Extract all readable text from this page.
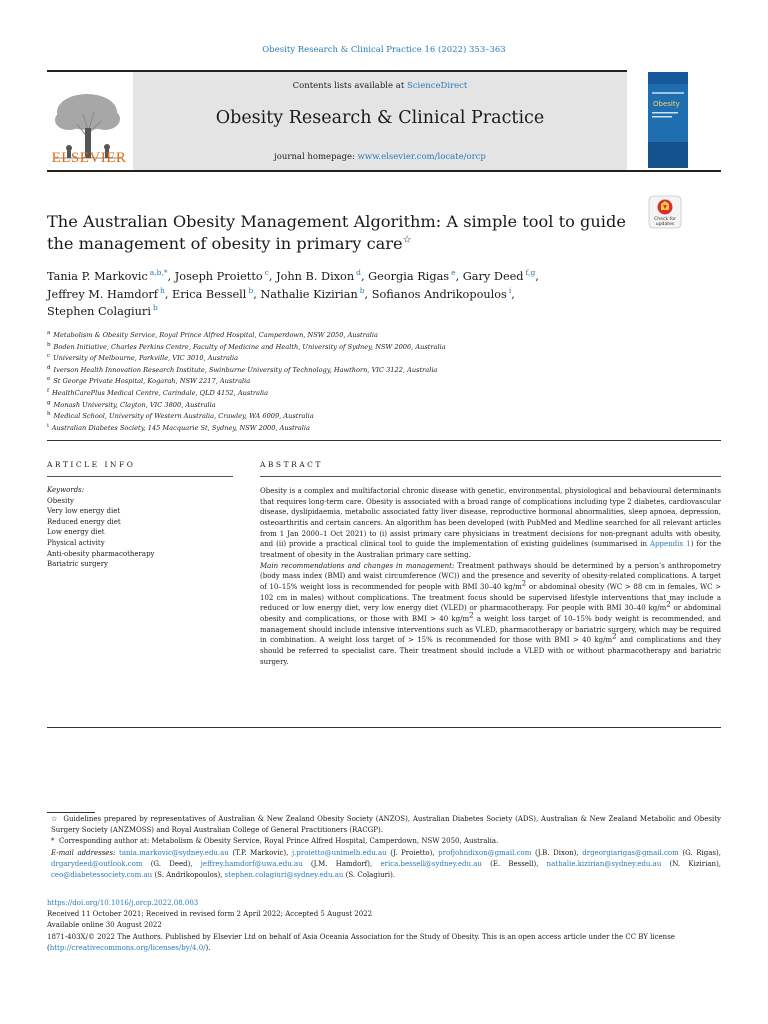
Obesity Research & Clinical Practice 16 (2022) 353–363
ELSEVIER
Contents lists available at ScienceDirect
Obesity Research & Clinical Practice
journal homepage: www.elsevier.com/locate/orcp
Obesity
The Australian Obesity Management Algorithm: A simple tool to guide the management of obesity in primary care☆
Check for
updates
Tania P. Markovic $^{a,b,*}$, Joseph Proietto $^c$, John B. Dixon $^d$, Georgia Rigas $^e$, Gary Deed $^{f,g}$,
Jeffrey M. Hamdorf $^h$, Erica Bessell $^b$, Nathalie Kizirian $^b$, Sofianos Andrikopoulos $^i$,
Stephen Colagiuri $^b$
$^a$ Metabolism & Obesity Service, Royal Prince Alfred Hospital, Camperdown, NSW 2050, Australia
$^b$ Boden Initiative, Charles Perkins Centre, Faculty of Medicine and Health, University of Sydney, NSW 2006, Australia
$^c$ University of Melbourne, Parkville, VIC 3010, Australia
$^d$ Iverson Health Innovation Research Institute, Swinburne University of Technology, Hawthorn, VIC 3122, Australia
$^e$ St George Private Hospital, Kogarah, NSW 2217, Australia
$^f$ HealthCarePlus Medical Centre, Carindale, QLD 4152, Australia
$^g$ Monash University, Clayton, VIC 3800, Australia
$^h$ Medical School, University of Western Australia, Crawley, WA 6009, Australia
$^i$ Australian Diabetes Society, 145 Macquarie St, Sydney, NSW 2000, Australia
ARTICLE INFO	ABSTRACT
Keywords:
Obesity
Very low energy diet
Reduced energy diet
Low energy diet
Physical activity
Anti-obesity pharmacotherapy
Bariatric surgery

Obesity is a complex and multifactorial chronic disease with genetic, environmental, physiological and behavioural determinants that requires long-term care. Obesity is associated with a broad range of complications including type 2 diabetes, cardiovascular disease, dyslipidaemia, metabolic associated fatty liver disease, reproductive hormonal abnormalities, sleep apnoea, depression, osteoarthritis and certain cancers. An algorithm has been developed (with PubMed and Medline searched for all relevant articles from 1 Jan 2000–1 Oct 2021) to (i) assist primary care physicians in treatment decisions for non-pregnant adults with obesity, and (ii) provide a practical clinical tool to guide the implementation of existing guidelines (summarised in Appendix 1) for the treatment of obesity in the Australian primary care setting.

Main recommendations and changes in management: Treatment pathways should be determined by a person’s anthropometry (body mass index (BMI) and waist circumference (WC)) and the presence and severity of obesity-related complications. A target of 10–15% weight loss is recommended for people with BMI 30–40 $kg/m^2$ or abdominal obesity (WC > 88 cm in females, WC > 102 cm in males) without complications. The treatment focus should be supervised lifestyle interventions that may include a reduced or low energy diet, very low energy diet (VLED) or pharmacotherapy. For people with BMI 30–40 $kg/m^2$ or abdominal obesity and complications, or those with BMI > 40 $kg/m^2$ a weight loss target of 10–15% body weight is recommended, and management should include intensive interventions such as VLED, pharmacotherapy or bariatric surgery, which may be required in combination. A weight loss target of > 15% is recommended for those with BMI > 40 $kg/m^2$ and complications and they should be referred to specialist care. Their treatment should include a VLED with or without pharmacotherapy and bariatric surgery.

☆ Guidelines prepared by representatives of Australian & New Zealand Obesity Society (ANZOS), Australian Diabetes Society (ADS), Australian & New Zealand Metabolic and Obesity Surgery Society (ANZMOSS) and Royal Australian College of General Practitioners (RACGP).

* Corresponding author at: Metabolism & Obesity Service, Royal Prince Alfred Hospital, Camperdown, NSW 2050, Australia.

E-mail addresses: tania.markovic@sydney.edu.au (T.P. Markovic), j.proietto@unimelb.edu.au (J. Proietto), profjohndixon@gmail.com (J.B. Dixon), drgeorgiarigas@gmail.com (G. Rigas), drgarydeed@outlook.com (G. Deed), jeffrey.hamdorf@uwa.edu.au (J.M. Hamdorf), erica.bessell@sydney.edu.au (E. Bessell), nathalie.kizirian@sydney.edu.au (N. Kizirian), ceo@diabetessociety.com.au (S. Andrikopoulos), stephen.colagiuri@sydney.edu.au (S. Colagiuri).

https://doi.org/10.1016/j.orcp.2022.08.003

Received 11 October 2021; Received in revised form 2 April 2022; Accepted 5 August 2022

Available online 30 August 2022

1871-403X/© 2022 The Authors. Published by Elsevier Ltd on behalf of Asia Oceania Association for the Study of Obesity. This is an open access article under the CC BY license (http://creativecommons.org/licenses/by/4.0/).
